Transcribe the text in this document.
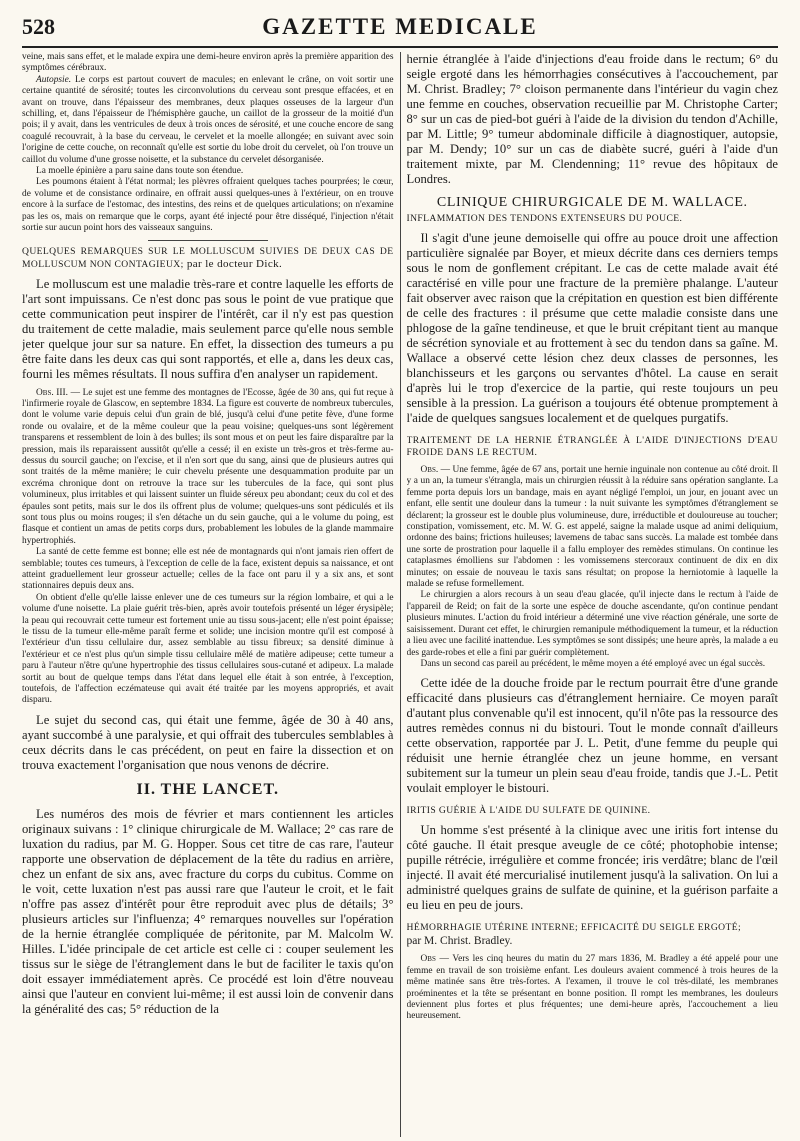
528	GAZETTE MEDICALE

veine, mais sans effet, et le malade expira une demi-heure environ après la première apparition des symptômes cérébraux.

Autopsie. Le corps est partout couvert de macules; en enlevant le crâne, on voit sortir une certaine quantité de sérosité; toutes les circonvolutions du cerveau sont presque effacées, et en avant on trouve, dans l'épaisseur des membranes, deux plaques osseuses de la largeur d'un schilling, et, dans l'épaisseur de l'hémisphère gauche, un caillot de la grosseur de la moitié d'un pois; il y avait, dans les ventricules de deux à trois onces de sérosité, et une couche encore de sang coagulé recouvrait, à la base du cerveau, le cervelet et la moelle allongée; en suivant avec soin l'origine de cette couche, on reconnaît qu'elle est sortie du lobe droit du cervelet, où l'on trouve un caillot du volume d'une grosse noisette, et la substance du cervelet désorganisée.

La moelle épinière a paru saine dans toute son étendue.

Les poumons étaient à l'état normal; les plèvres offraient quelques taches pourprées; le cœur, de volume et de consistance ordinaire, en offrait aussi quelques-unes à l'extérieur, on en trouve encore à la surface de l'estomac, des intestins, des reins et de quelques articulations; on n'examine pas les os, mais on remarque que le corps, ayant été injecté pour être disséqué, l'injection n'était sortie sur aucun point hors des vaisseaux sanguins.

QUELQUES REMARQUES SUR LE MOLLUSCUM SUIVIES DE DEUX CAS DE MOLLUSCUM NON CONTAGIEUX; par le docteur Dick.

Le molluscum est une maladie très-rare et contre laquelle les efforts de l'art sont impuissans. Ce n'est donc pas sous le point de vue pratique que cette communication peut inspirer de l'intérêt, car il n'y est pas question du traitement de cette maladie, mais seulement parce qu'elle nous semble jeter quelque jour sur sa nature. En effet, la dissection des tumeurs a pu être faite dans les deux cas qui sont rapportés, et elle a, dans les deux cas, fourni les mêmes résultats. Il nous suffira d'en analyser un rapidement.

Obs. III. — Le sujet est une femme des montagnes de l'Ecosse, âgée de 30 ans, qui fut reçue à l'infirmerie royale de Glascow, en septembre 1834. La figure est couverte de nombreux tubercules, dont le volume varie depuis celui d'un grain de blé, jusqu'à celui d'une petite fève, d'une forme ronde ou ovalaire, et de la même couleur que la peau voisine; quelques-uns sont légèrement transparens et ressemblent de loin à des bulles; ils sont mous et on peut les faire disparaître par la pression, mais ils reparaissent aussitôt qu'elle a cessé; il en existe un très-gros et très-ferme au-dessus du sourcil gauche; on l'excise, et il n'en sort que du sang, ainsi que de plusieurs autres qui sont traités de la même manière; le cuir chevelu présente une desquammation produite par un excréma chronique dont on retrouve la trace sur les tubercules de la face, qui sont plus volumineux, plus irritables et qui laissent suinter un fluide séreux peu abondant; ceux du col et des épaules sont petits, mais sur le dos ils offrent plus de volume; quelques-uns sont pédiculés et ils sont tous plus ou moins rouges; il s'en détache un du sein gauche, qui a le volume du poing, est flasque et contient un amas de petits corps durs, probablement les lobules de la glande mammaire hypertrophiés.

La santé de cette femme est bonne; elle est née de montagnards qui n'ont jamais rien offert de semblable; toutes ces tumeurs, à l'exception de celle de la face, existent depuis sa naissance, et ont atteint graduellement leur grosseur actuelle; celles de la face ont paru il y a six ans, et sont stationnaires depuis deux ans.

On obtient d'elle qu'elle laisse enlever une de ces tumeurs sur la région lombaire, et qui a le volume d'une noisette. La plaie guérit très-bien, après avoir toutefois présenté un léger érysipèle; la peau qui recouvrait cette tumeur est fortement unie au tissu sous-jacent; elle n'est point épaisse; le tissu de la tumeur elle-même paraît ferme et solide; une incision montre qu'il est composé à l'extérieur d'un tissu cellulaire dur, assez semblable au tissu fibreux; sa densité diminue à l'extérieur et ce n'est plus qu'un simple tissu cellulaire mêlé de matière adipeuse; cette tumeur a paru à l'auteur n'être qu'une hypertrophie des tissus cellulaires sous-cutané et adipeux. La malade sortit au bout de quelque temps dans l'état dans lequel elle était à son entrée, à l'exception, toutefois, de l'affection eczémateuse qui avait été traitée par les moyens appropriés, et avait disparu.

Le sujet du second cas, qui était une femme, âgée de 30 à 40 ans, ayant succombé à une paralysie, et qui offrait des tubercules semblables à ceux décrits dans le cas précédent, on peut en faire la dissection et on trouva exactement l'organisation que nous venons de décrire.

II. THE LANCET.

Les numéros des mois de février et mars contiennent les articles originaux suivans : 1° clinique chirurgicale de M. Wallace; 2° cas rare de luxation du radius, par M. G. Hopper. Sous cet titre de cas rare, l'auteur rapporte une observation de déplacement de la tête du radius en arrière, chez un enfant de six ans, avec fracture du corps du cubitus. Comme on le voit, cette luxation n'est pas aussi rare que l'auteur le croit, et le fait n'offre pas assez d'intérêt pour être reproduit avec plus de détails; 3° plusieurs articles sur l'influenza; 4° remarques nouvelles sur l'opération de la hernie étranglée compliquée de péritonite, par M. Malcolm W. Hilles. L'idée principale de cet article est celle ci : couper seulement les tissus sur le siège de l'étranglement dans le but de faciliter le taxis qu'on doit essayer immédiatement après. Ce procédé est loin d'être nouveau ainsi que l'auteur en convient lui-même; il est aussi loin de convenir dans la généralité des cas; 5° réduction de la

hernie étranglée à l'aide d'injections d'eau froide dans le rectum; 6° du seigle ergoté dans les hémorrhagies consécutives à l'accouchement, par M. Christ. Bradley; 7° cloison permanente dans l'intérieur du vagin chez une femme en couches, observation recueillie par M. Christophe Carter; 8° sur un cas de pied-bot guéri à l'aide de la division du tendon d'Achille, par M. Little; 9° tumeur abdominale difficile à diagnostiquer, autopsie, par M. Dendy; 10° sur un cas de diabète sucré, guéri à l'aide d'un traitement mixte, par M. Clendenning; 11° revue des hôpitaux de Londres.

CLINIQUE CHIRURGICALE DE M. WALLACE.

INFLAMMATION DES TENDONS EXTENSEURS DU POUCE.

Il s'agit d'une jeune demoiselle qui offre au pouce droit une affection particulière signalée par Boyer, et mieux décrite dans ces derniers temps sous le nom de gonflement crépitant. Le cas de cette malade avait été caractérisé en ville pour une fracture de la première phalange. L'auteur fait observer avec raison que la crépitation en question est bien différente de celle des fractures : il présume que cette maladie consiste dans une phlogose de la gaîne tendineuse, et que le bruit crépitant tient au manque de sécrétion synoviale et au frottement à sec du tendon dans sa gaîne. M. Wallace a observé cette lésion chez deux classes de personnes, les blanchisseurs et les garçons ou servantes d'hôtel. La cause en serait d'après lui le trop d'exercice de la partie, qui reste toujours un peu sensible à la pression. La guérison a toujours été obtenue promptement à l'aide de quelques sangsues localement et de quelques purgatifs.

TRAITEMENT DE LA HERNIE ÉTRANGLÉE À L'AIDE D'INJECTIONS D'EAU FROIDE DANS LE RECTUM.

Obs. — Une femme, âgée de 67 ans, portait une hernie inguinale non contenue au côté droit. Il y a un an, la tumeur s'étrangla, mais un chirurgien réussit à la réduire sans opération sanglante. La femme porta depuis lors un bandage, mais en ayant négligé l'emploi, un jour, en jouant avec un enfant, elle sentit une douleur dans la tumeur : la nuit suivante les symptômes d'étranglement se déclarent; la grosseur est le double plus volumineuse, dure, irréductible et douloureuse au toucher; constipation, vomissement, etc. M. W. G. est appelé, saigne la malade usque ad animi deliquium, ordonne des bains; frictions huileuses; lavemens de tabac sans succès. La malade est tombée dans une sorte de prostration pour laquelle il a fallu employer des remèdes stimulans. On continue les cataplasmes émolliens sur l'abdomen : les vomissemens stercoraux continuent de dix en dix minutes; on essaie de nouveau le taxis sans résultat; on propose la herniotomie à laquelle la malade se refuse formellement.

Le chirurgien a alors recours à un seau d'eau glacée, qu'il injecte dans le rectum à l'aide de l'appareil de Reid; on fait de la sorte une espèce de douche ascendante, qu'on continue pendant plusieurs minutes. L'action du froid intérieur a déterminé une vive réaction générale, une sorte de saisissement. Durant cet effet, le chirurgien remanipule méthodiquement la tumeur, et la réduction a lieu avec une facilité inattendue. Les symptômes se sont dissipés; une heure après, la malade a eu des garde-robes et elle a fini par guérir complètement.

Dans un second cas pareil au précédent, le même moyen a été employé avec un égal succès.

Cette idée de la douche froide par le rectum pourrait être d'une grande efficacité dans plusieurs cas d'étranglement herniaire. Ce moyen paraît d'autant plus convenable qu'il est innocent, qu'il n'ôte pas la ressource des autres remèdes connus ni du bistouri. Tout le monde connaît d'ailleurs cette observation, rapportée par J. L. Petit, d'une femme du peuple qui réduisit une hernie étranglée chez un jeune homme, en versant subitement sur la tumeur un plein seau d'eau froide, tandis que J.-L. Petit voulait employer le bistouri.

IRITIS GUÉRIE À L'AIDE DU SULFATE DE QUININE.

Un homme s'est présenté à la clinique avec une iritis fort intense du côté gauche. Il était presque aveugle de ce côté; photophobie intense; pupille rétrécie, irrégulière et comme froncée; iris verdâtre; blanc de l'œil injecté. Il avait été mercurialisé inutilement jusqu'à la salivation. On lui a administré quelques grains de sulfate de quinine, et la guérison parfaite a eu lieu en peu de jours.

HÉMORRHAGIE UTÉRINE INTERNE; EFFICACITÉ DU SEIGLE ERGOTÉ;

par M. Christ. Bradley.

Obs — Vers les cinq heures du matin du 27 mars 1836, M. Bradley a été appelé pour une femme en travail de son troisième enfant. Les douleurs avaient commencé à trois heures de la même matinée sans être très-fortes. A l'examen, il trouve le col très-dilaté, les membranes proéminentes et la tête se présentant en bonne position. Il rompt les membranes, les douleurs deviennent plus fortes et plus fréquentes; une demi-heure après, l'accouchement a lieu heureusement.
